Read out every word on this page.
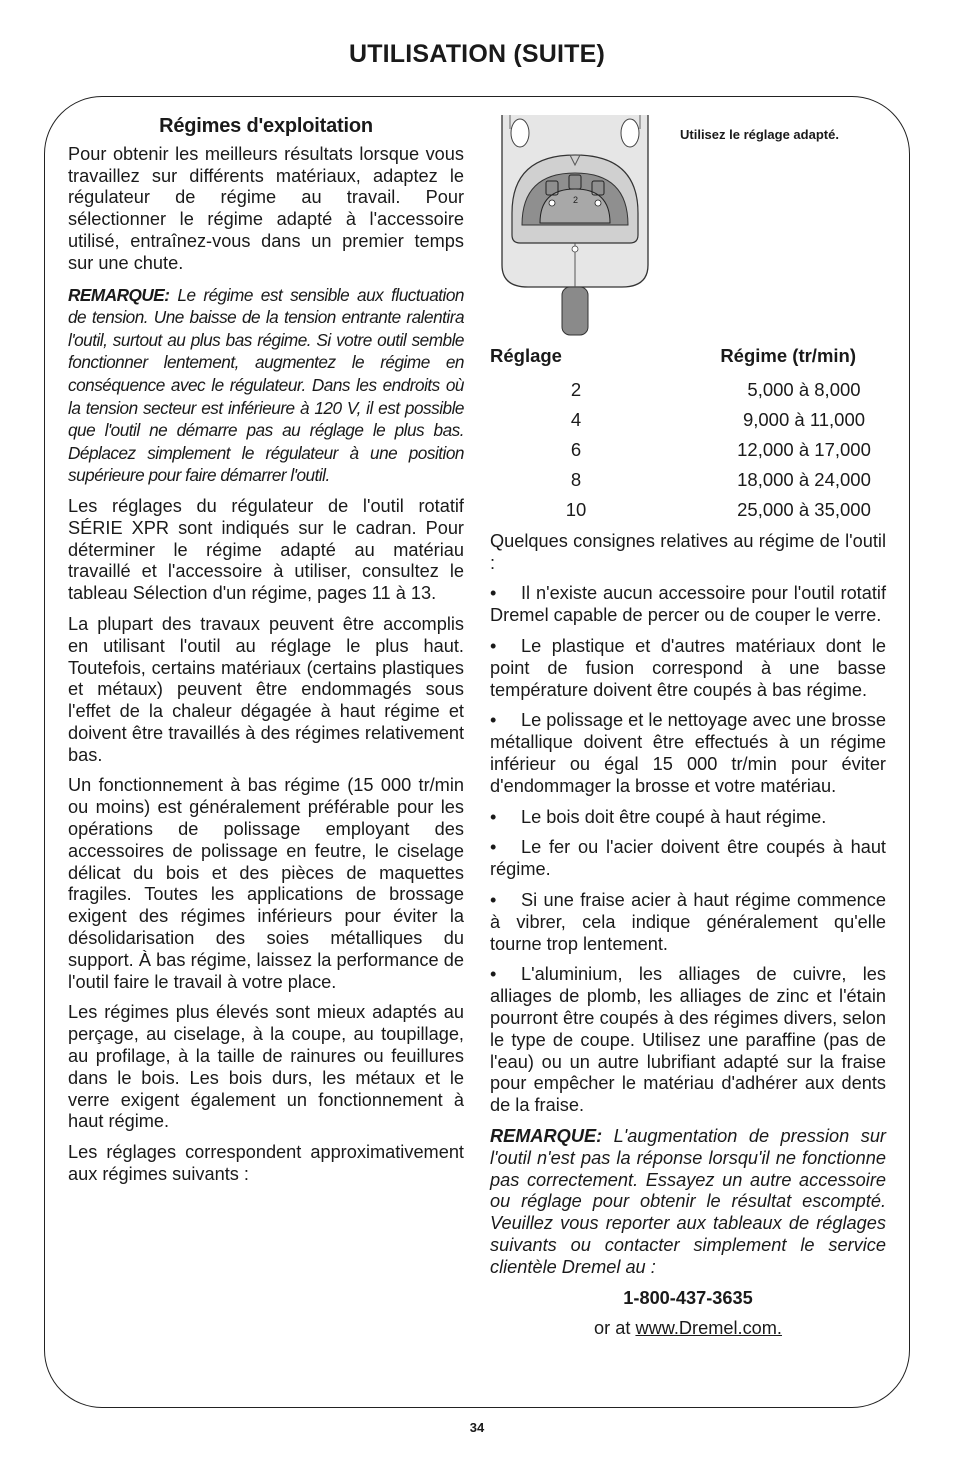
UTILISATION (SUITE)
Régimes d'exploitation

Pour obtenir les meilleurs résultats lorsque vous travaillez sur différents matériaux, adaptez le régulateur de régime au travail. Pour sélectionner le régime adapté à l'accessoire utilisé, entraînez-vous dans un premier temps sur une chute.

REMARQUE: Le régime est sensible aux fluctuation de tension. Une baisse de la tension entrante ralentira l'outil, surtout au plus bas régime. Si votre outil semble fonctionner lentement, augmentez le régime en conséquence avec le régulateur. Dans les endroits où la tension secteur est inférieure à 120 V, il est possible que l'outil ne démarre pas au réglage le plus bas. Déplacez simplement le régulateur à une position supérieure pour faire démarrer l'outil.

Les réglages du régulateur de l'outil rotatif SÉRIE XPR sont indiqués sur le cadran. Pour déterminer le régime adapté au matériau travaillé et l'accessoire à utiliser, consultez le tableau Sélection d'un régime, pages 11 à 13.

La plupart des travaux peuvent être accomplis en utilisant l'outil au réglage le plus haut. Toutefois, certains matériaux (certains plastiques et métaux) peuvent être endommagés sous l'effet de la chaleur dégagée à haut régime et doivent être travaillés à des régimes relativement bas.

Un fonctionnement à bas régime (15 000 tr/min ou moins) est généralement préférable pour les opérations de polissage employant des accessoires de polissage en feutre, le ciselage délicat du bois et des pièces de maquettes fragiles. Toutes les applications de brossage exigent des régimes inférieurs pour éviter la désolidarisation des soies métalliques du support. À bas régime, laissez la performance de l'outil faire le travail à votre place.

Les régimes plus élevés sont mieux adaptés au perçage, au ciselage, à la coupe, au toupillage, au profilage, à la taille de rainures ou feuillures dans le bois. Les bois durs, les métaux et le verre exigent également un fonctionnement à haut régime.

Les réglages correspondent approximativement aux régimes suivants :

2
Utilisez le réglage adapté.
Réglage	Régime (tr/min)
2	5,000 à 8,000
4	9,000 à 11,000
6	12,000 à 17,000
8	18,000 à 24,000
10	25,000 à 35,000

Quelques consignes relatives au régime de l'outil :

• Il n'existe aucun accessoire pour l'outil rotatif Dremel capable de percer ou de couper le verre.

• Le plastique et d'autres matériaux dont le point de fusion correspond à une basse température doivent être coupés à bas régime.

• Le polissage et le nettoyage avec une brosse métallique doivent être effectués à un régime inférieur ou égal 15 000 tr/min pour éviter d'endommager la brosse et votre matériau.

• Le bois doit être coupé à haut régime.

• Le fer ou l'acier doivent être coupés à haut régime.

• Si une fraise acier à haut régime commence à vibrer, cela indique généralement qu'elle tourne trop lentement.

• L'aluminium, les alliages de cuivre, les alliages de plomb, les alliages de zinc et l'étain pourront être coupés à des régimes divers, selon le type de coupe. Utilisez une paraffine (pas de l'eau) ou un autre lubrifiant adapté sur la fraise pour empêcher le matériau d'adhérer aux dents de la fraise.

REMARQUE: L'augmentation de pression sur l'outil n'est pas la réponse lorsqu'il ne fonctionne pas correctement. Essayez un autre accessoire ou réglage pour obtenir le résultat escompté. Veuillez vous reporter aux tableaux de réglages suivants ou contacter simplement le service clientèle Dremel au :

1-800-437-3635

or at www.Dremel.com.

34
